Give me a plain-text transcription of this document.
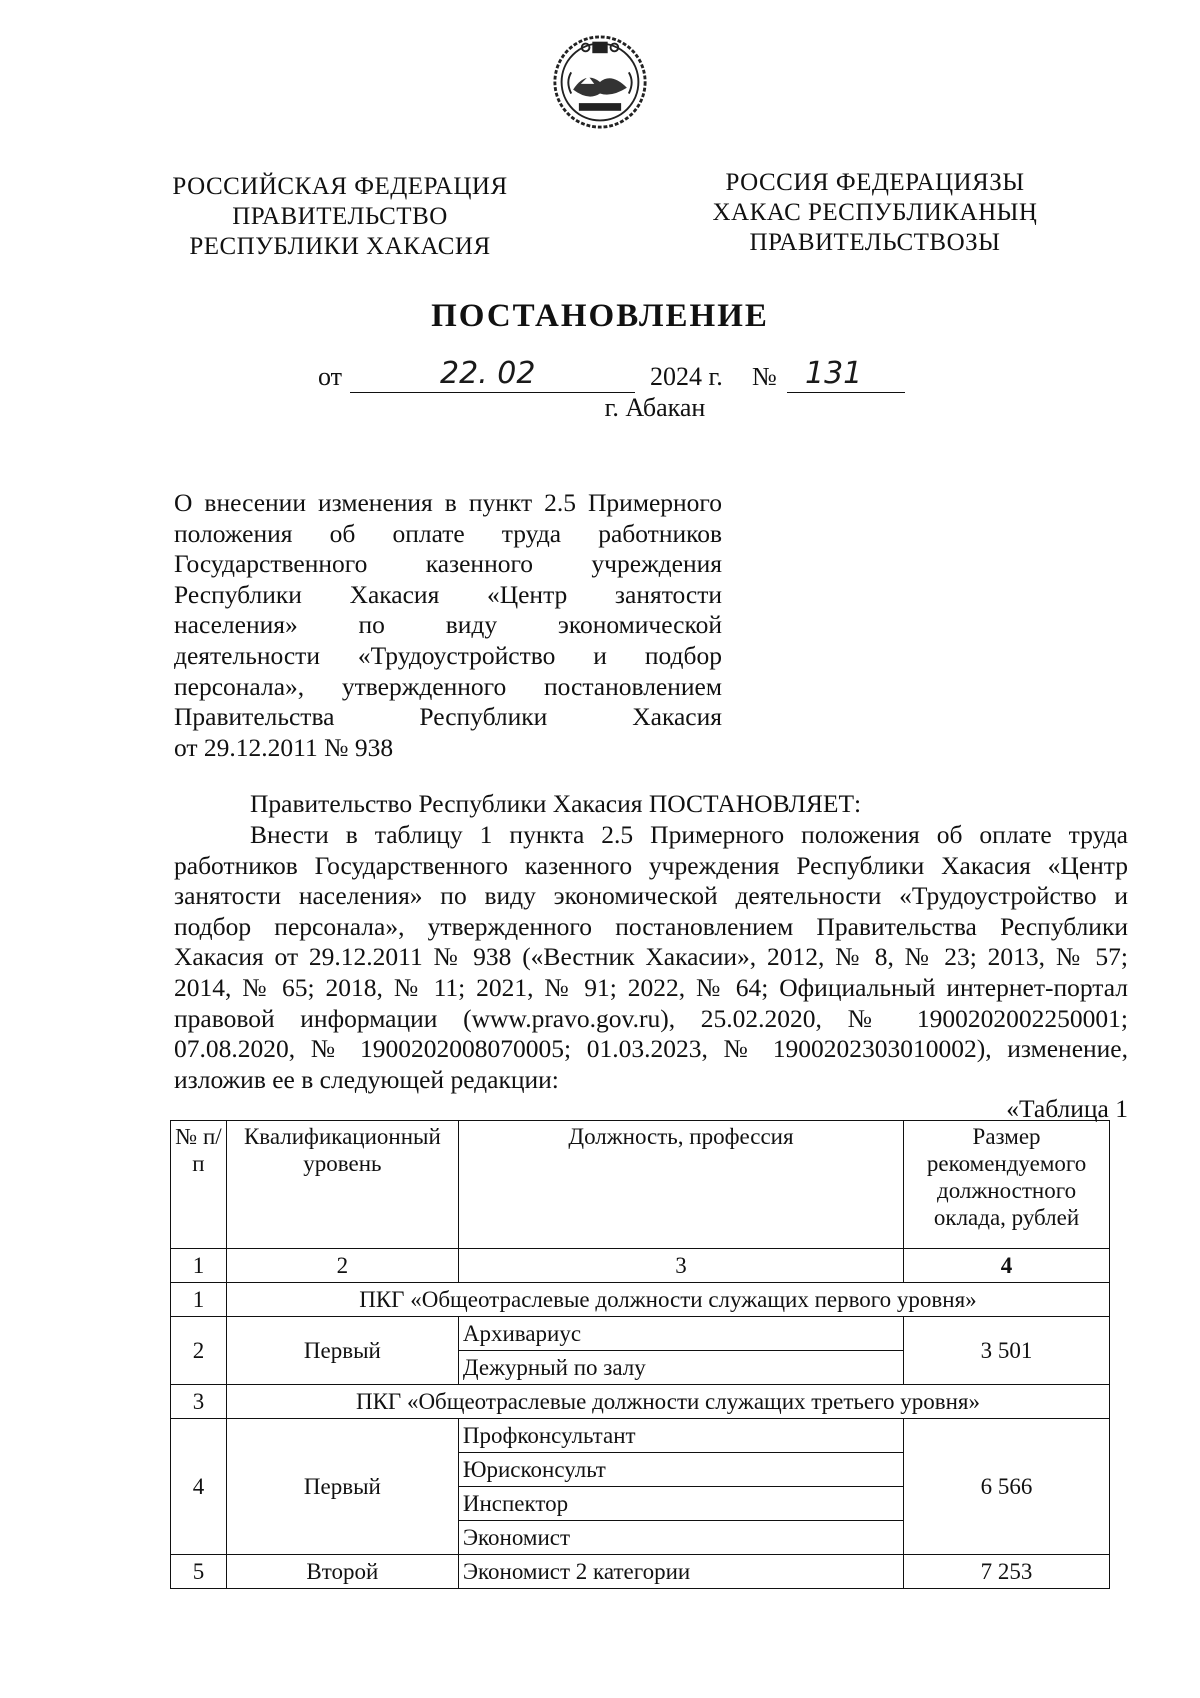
РОССИЙСКАЯ ФЕДЕРАЦИЯ
ПРАВИТЕЛЬСТВО
РЕСПУБЛИКИ ХАКАСИЯ
РОССИЯ ФЕДЕРАЦИЯЗЫ
ХАКАС РЕСПУБЛИКАНЫҢ
ПРАВИТЕЛЬСТВОЗЫ
ПОСТАНОВЛЕНИЕ
от	22. 02	2024 г. № 131
г. Абакан
О внесении изменения в пункт 2.5 Примерного
положения об оплате труда работников
Государственного казенного учреждения
Республики Хакасия «Центр занятости
населения» по виду экономической
деятельности «Трудоустройство и подбор
персонала», утвержденного постановлением
Правительства Республики Хакасия
от 29.12.2011 № 938
Правительство Республики Хакасия ПОСТАНОВЛЯЕТ:
Внести в таблицу 1 пункта 2.5 Примерного положения об оплате труда
работников Государственного казенного учреждения Республики Хакасия «Центр
занятости населения» по виду экономической деятельности «Трудоустройство и
подбор персонала», утвержденного постановлением Правительства Республики
Хакасия от 29.12.2011 № 938 («Вестник Хакасии», 2012, № 8, № 23; 2013, № 57;
2014, № 65; 2018, № 11; 2021, № 91; 2022, № 64; Официальный интернет-портал
правовой информации (www.pravo.gov.ru), 25.02.2020, № 1900202002250001;
07.08.2020, № 1900202008070005; 01.03.2023, № 1900202303010002), изменение,
изложив ее в следующей редакции:
«Таблица 1
№ п/п	Квалификационный уровень	Должность, профессия	Размер рекомендуемого должностного оклада, рублей
1	2	3	4
1	ПКГ «Общеотраслевые должности служащих первого уровня»		
2	Первый	Архивариус	3 501
		Дежурный по залу	
3	ПКГ «Общеотраслевые должности служащих третьего уровня»		
4	Первый	Профконсультант	6 566
		Юрисконсульт	
		Инспектор	
		Экономист	
5	Второй	Экономист 2 категории	7 253
